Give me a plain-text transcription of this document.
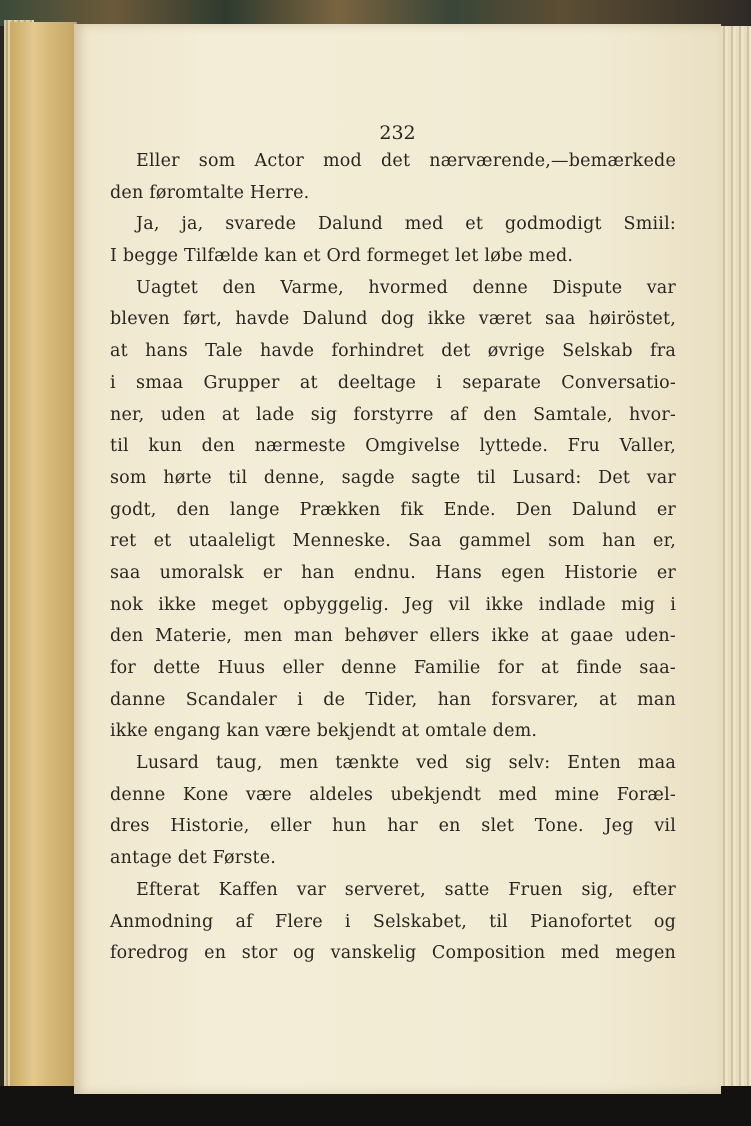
232
Eller som Actor mod det nærværende,—bemærkede
den føromtalte Herre.
Ja, ja, svarede Dalund med et godmodigt Smiil:
I begge Tilfælde kan et Ord formeget let løbe med.
Uagtet den Varme, hvormed denne Dispute var
bleven ført, havde Dalund dog ikke været saa høiröstet,
at hans Tale havde forhindret det øvrige Selskab fra
i smaa Grupper at deeltage i separate Conversatio-
ner, uden at lade sig forstyrre af den Samtale, hvor-
til kun den nærmeste Omgivelse lyttede. Fru Valler,
som hørte til denne, sagde sagte til Lusard: Det var
godt, den lange Prækken fik Ende. Den Dalund er
ret et utaaleligt Menneske. Saa gammel som han er,
saa umoralsk er han endnu. Hans egen Historie er
nok ikke meget opbyggelig. Jeg vil ikke indlade mig i
den Materie, men man behøver ellers ikke at gaae uden-
for dette Huus eller denne Familie for at finde saa-
danne Scandaler i de Tider, han forsvarer, at man
ikke engang kan være bekjendt at omtale dem.
Lusard taug, men tænkte ved sig selv: Enten maa
denne Kone være aldeles ubekjendt med mine Foræl-
dres Historie, eller hun har en slet Tone. Jeg vil
antage det Første.
Efterat Kaffen var serveret, satte Fruen sig, efter
Anmodning af Flere i Selskabet, til Pianofortet og
foredrog en stor og vanskelig Composition med megen
